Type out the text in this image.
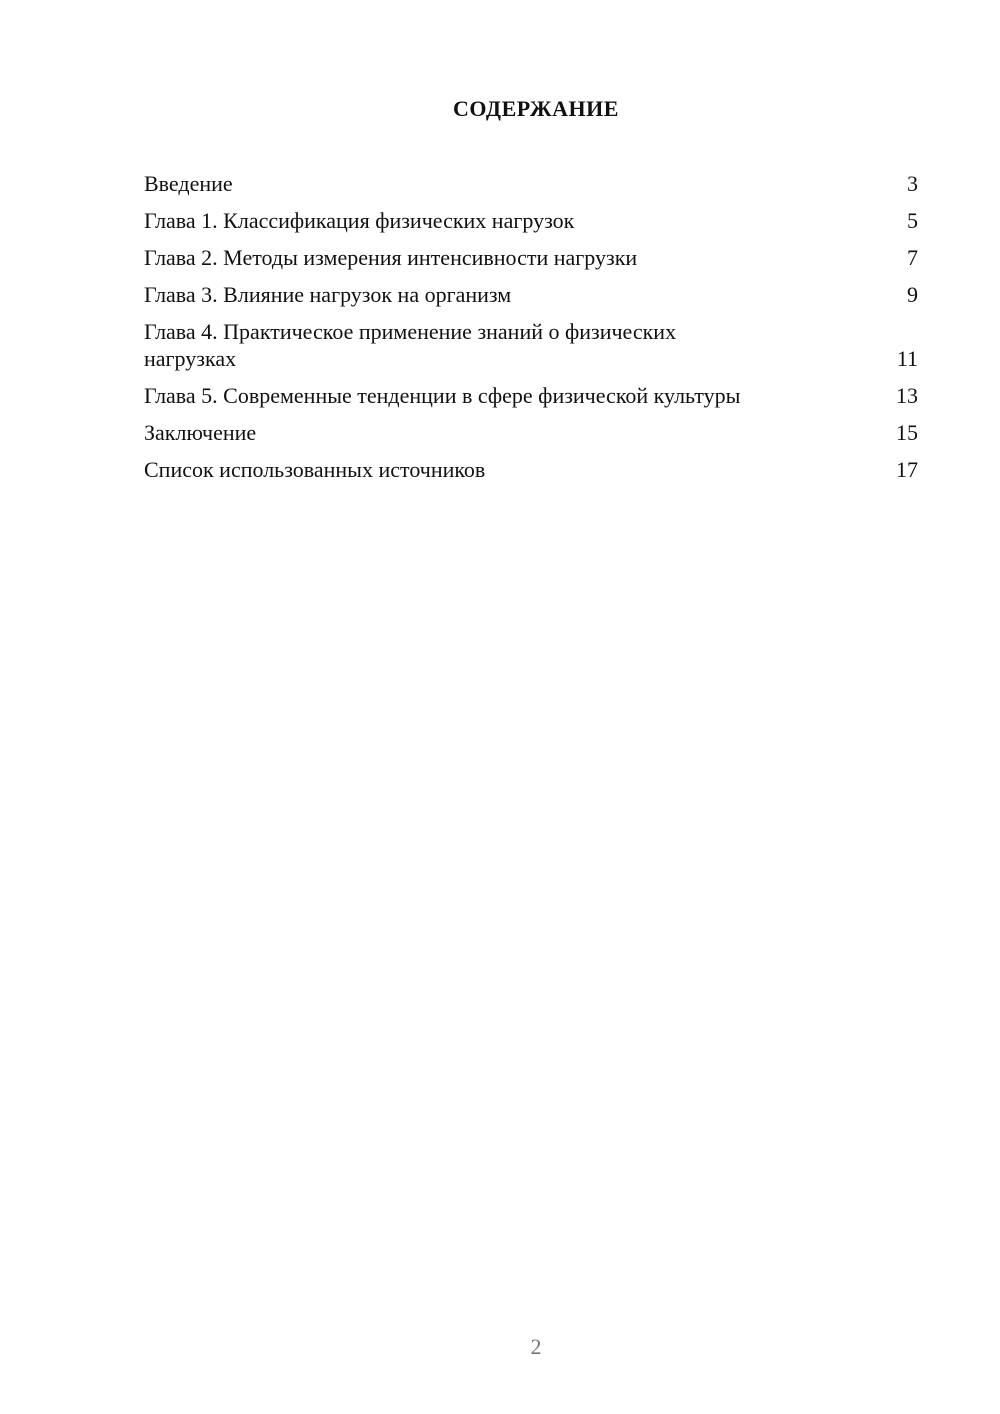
СОДЕРЖАНИЕ
Введение	3
Глава 1. Классификация физических нагрузок	5
Глава 2. Методы измерения интенсивности нагрузки	7
Глава 3. Влияние нагрузок на организм	9
Глава 4. Практическое применение знаний о физических нагрузках	11
Глава 5. Современные тенденции в сфере физической культуры	13
Заключение	15
Список использованных источников	17
2
